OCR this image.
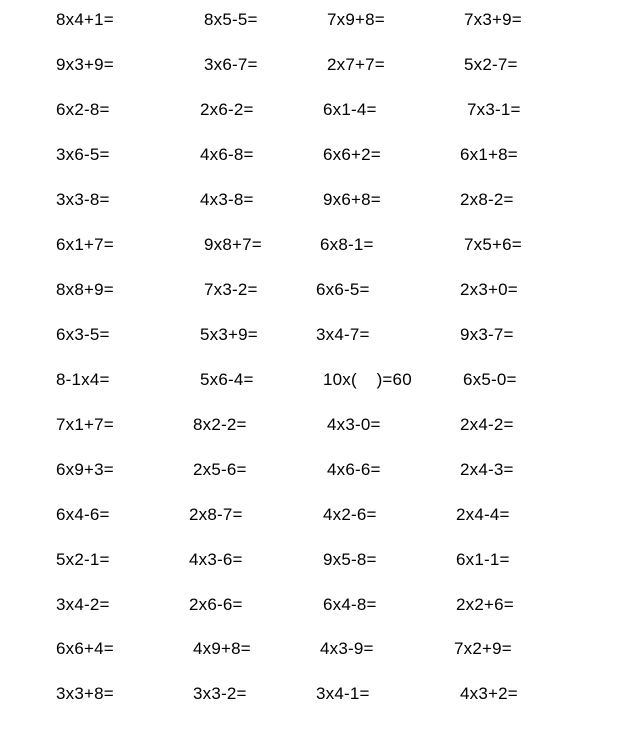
8x4+1=	8x5-5=	7x9+8=	7x3+9=
9x3+9=	3x6-7=	2x7+7=	5x2-7=
6x2-8=	2x6-2=	6x1-4=	7x3-1=
3x6-5=	4x6-8=	6x6+2=	6x1+8=
3x3-8=	4x3-8=	9x6+8=	2x8-2=
6x1+7=	9x8+7=	6x8-1=	7x5+6=
8x8+9=	7x3-2=	6x6-5=	2x3+0=
6x3-5=	5x3+9=	3x4-7=	9x3-7=
8-1x4=	5x6-4=	10x(    )=60	6x5-0=
7x1+7=	8x2-2=	4x3-0=	2x4-2=
6x9+3=	2x5-6=	4x6-6=	2x4-3=
6x4-6=	2x8-7=	4x2-6=	2x4-4=
5x2-1=	4x3-6=	9x5-8=	6x1-1=
3x4-2=	2x6-6=	6x4-8=	2x2+6=
6x6+4=	4x9+8=	4x3-9=	7x2+9=
3x3+8=	3x3-2=	3x4-1=	4x3+2=
